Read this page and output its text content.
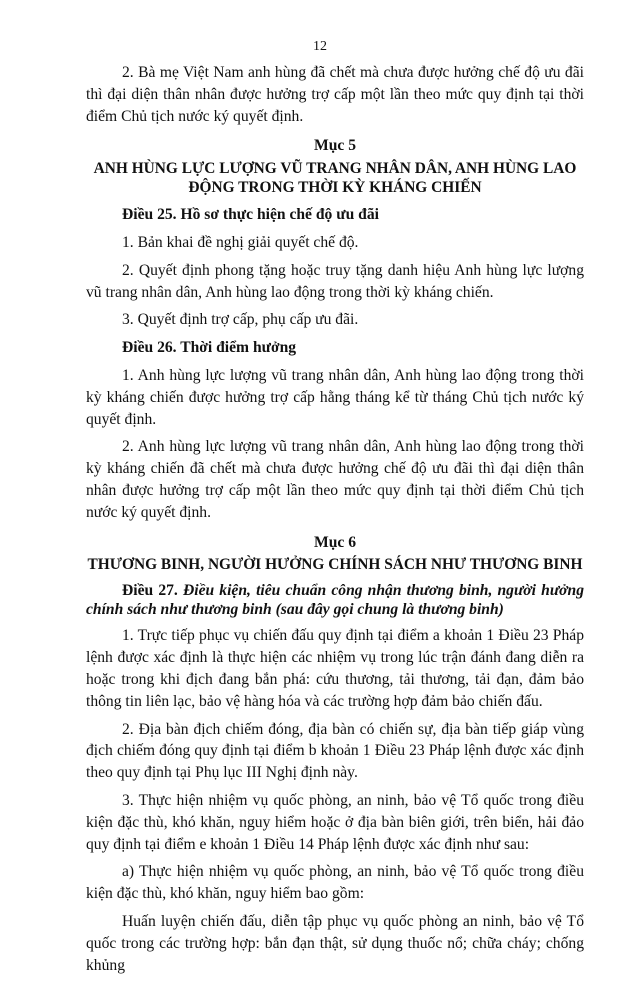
12

2. Bà mẹ Việt Nam anh hùng đã chết mà chưa được hưởng chế độ ưu đãi thì đại diện thân nhân được hưởng trợ cấp một lần theo mức quy định tại thời điểm Chủ tịch nước ký quyết định.

Mục 5
ANH HÙNG LỰC LƯỢNG VŨ TRANG NHÂN DÂN, ANH HÙNG LAO ĐỘNG TRONG THỜI KỲ KHÁNG CHIẾN
Điều 25. Hồ sơ thực hiện chế độ ưu đãi

1. Bản khai đề nghị giải quyết chế độ.

2. Quyết định phong tặng hoặc truy tặng danh hiệu Anh hùng lực lượng vũ trang nhân dân, Anh hùng lao động trong thời kỳ kháng chiến.

3. Quyết định trợ cấp, phụ cấp ưu đãi.

Điều 26. Thời điểm hưởng

1. Anh hùng lực lượng vũ trang nhân dân, Anh hùng lao động trong thời kỳ kháng chiến được hưởng trợ cấp hằng tháng kể từ tháng Chủ tịch nước ký quyết định.

2. Anh hùng lực lượng vũ trang nhân dân, Anh hùng lao động trong thời kỳ kháng chiến đã chết mà chưa được hưởng chế độ ưu đãi thì đại diện thân nhân được hưởng trợ cấp một lần theo mức quy định tại thời điểm Chủ tịch nước ký quyết định.

Mục 6
THƯƠNG BINH, NGƯỜI HƯỞNG CHÍNH SÁCH NHƯ THƯƠNG BINH
Điều 27. Điều kiện, tiêu chuẩn công nhận thương binh, người hưởng chính sách như thương binh (sau đây gọi chung là thương binh)

1. Trực tiếp phục vụ chiến đấu quy định tại điểm a khoản 1 Điều 23 Pháp lệnh được xác định là thực hiện các nhiệm vụ trong lúc trận đánh đang diễn ra hoặc trong khi địch đang bắn phá: cứu thương, tải thương, tải đạn, đảm bảo thông tin liên lạc, bảo vệ hàng hóa và các trường hợp đảm bảo chiến đấu.

2. Địa bàn địch chiếm đóng, địa bàn có chiến sự, địa bàn tiếp giáp vùng địch chiếm đóng quy định tại điểm b khoản 1 Điều 23 Pháp lệnh được xác định theo quy định tại Phụ lục III Nghị định này.

3. Thực hiện nhiệm vụ quốc phòng, an ninh, bảo vệ Tổ quốc trong điều kiện đặc thù, khó khăn, nguy hiểm hoặc ở địa bàn biên giới, trên biển, hải đảo quy định tại điểm e khoản 1 Điều 14 Pháp lệnh được xác định như sau:

a) Thực hiện nhiệm vụ quốc phòng, an ninh, bảo vệ Tổ quốc trong điều kiện đặc thù, khó khăn, nguy hiểm bao gồm:

Huấn luyện chiến đấu, diễn tập phục vụ quốc phòng an ninh, bảo vệ Tổ quốc trong các trường hợp: bắn đạn thật, sử dụng thuốc nổ; chữa cháy; chống khủng
